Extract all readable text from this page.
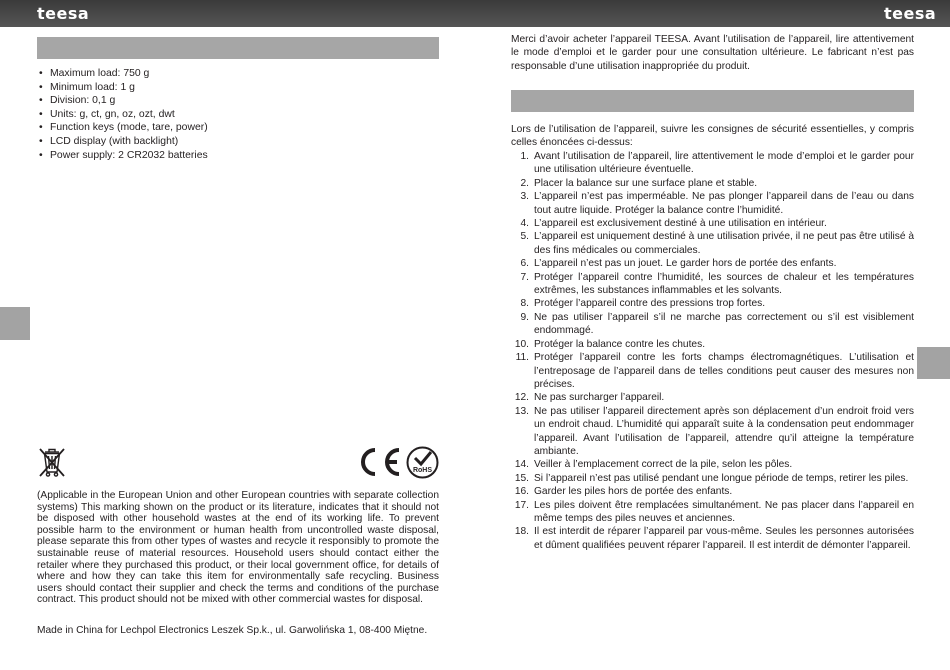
teesa	teesa
• Maximum load: 750 g
• Minimum load: 1 g
• Division: 0,1 g
• Units: g, ct, gn, oz, ozt, dwt
• Function keys (mode, tare, power)
• LCD display (with backlight)
• Power supply: 2 CR2032 batteries
RoHS

(Applicable in the European Union and other European countries with separate collection systems) This marking shown on the product or its literature, indicates that it should not be disposed with other household wastes at the end of its working life. To prevent possible harm to the environment or human health from uncontrolled waste disposal, please separate this from other types of wastes and recycle it responsibly to promote the sustainable reuse of material resources. Household users should contact either the retailer where they purchased this product, or their local government office, for details of where and how they can take this item for environmentally safe recycling. Business users should contact their supplier and check the terms and conditions of the purchase contract. This product should not be mixed with other commercial wastes for disposal.

Made in China for Lechpol Electronics Leszek Sp.k., ul. Garwolińska 1, 08-400 Miętne.

Merci d’avoir acheter l’appareil TEESA. Avant l’utilisation de l’appareil, lire attentivement le mode d’emploi et le garder pour une consultation ultérieure. Le fabricant n’est pas responsable d’une utilisation inappropriée du produit.

Lors de l’utilisation de l’appareil, suivre les consignes de sécurité essentielles, y compris celles énoncées ci-dessus:

1. Avant l’utilisation de l’appareil, lire attentivement le mode d’emploi et le garder pour une utilisation ultérieure éventuelle.
2. Placer la balance sur une surface plane et stable.
3. L’appareil n’est pas imperméable. Ne pas plonger l’appareil dans de l’eau ou dans tout autre liquide. Protéger la balance contre l’humidité.
4. L’appareil est exclusivement destiné à une utilisation en intérieur.
5. L’appareil est uniquement destiné à une utilisation privée, il ne peut pas être utilisé à des fins médicales ou commerciales.
6. L’appareil n’est pas un jouet. Le garder hors de portée des enfants.
7. Protéger l’appareil contre l’humidité, les sources de chaleur et les températures extrêmes, les substances inflammables et les solvants.
8. Protéger l’appareil contre des pressions trop fortes.
9. Ne pas utiliser l’appareil s’il ne marche pas correctement ou s’il est visiblement endommagé.
10. Protéger la balance contre les chutes.
11. Protéger l’appareil contre les forts champs électromagnétiques. L’utilisation et l’entreposage de l’appareil dans de telles conditions peut causer des mesures non précises.
12. Ne pas surcharger l’appareil.
13. Ne pas utiliser l’appareil directement après son déplacement d’un endroit froid vers un endroit chaud. L’humidité qui apparaît suite à la condensation peut endommager l’appareil. Avant l’utilisation de l’appareil, attendre qu’il atteigne la température ambiante.
14. Veiller à l’emplacement correct de la pile, selon les pôles.
15. Si l’appareil n’est pas utilisé pendant une longue période de temps, retirer les piles.
16. Garder les piles hors de portée des enfants.
17. Les piles doivent être remplacées simultanément. Ne pas placer dans l’appareil en même temps des piles neuves et anciennes.
18. Il est interdit de réparer l’appareil par vous-même. Seules les personnes autorisées et dûment qualifiées peuvent réparer l’appareil. Il est interdit de démonter l’appareil.
